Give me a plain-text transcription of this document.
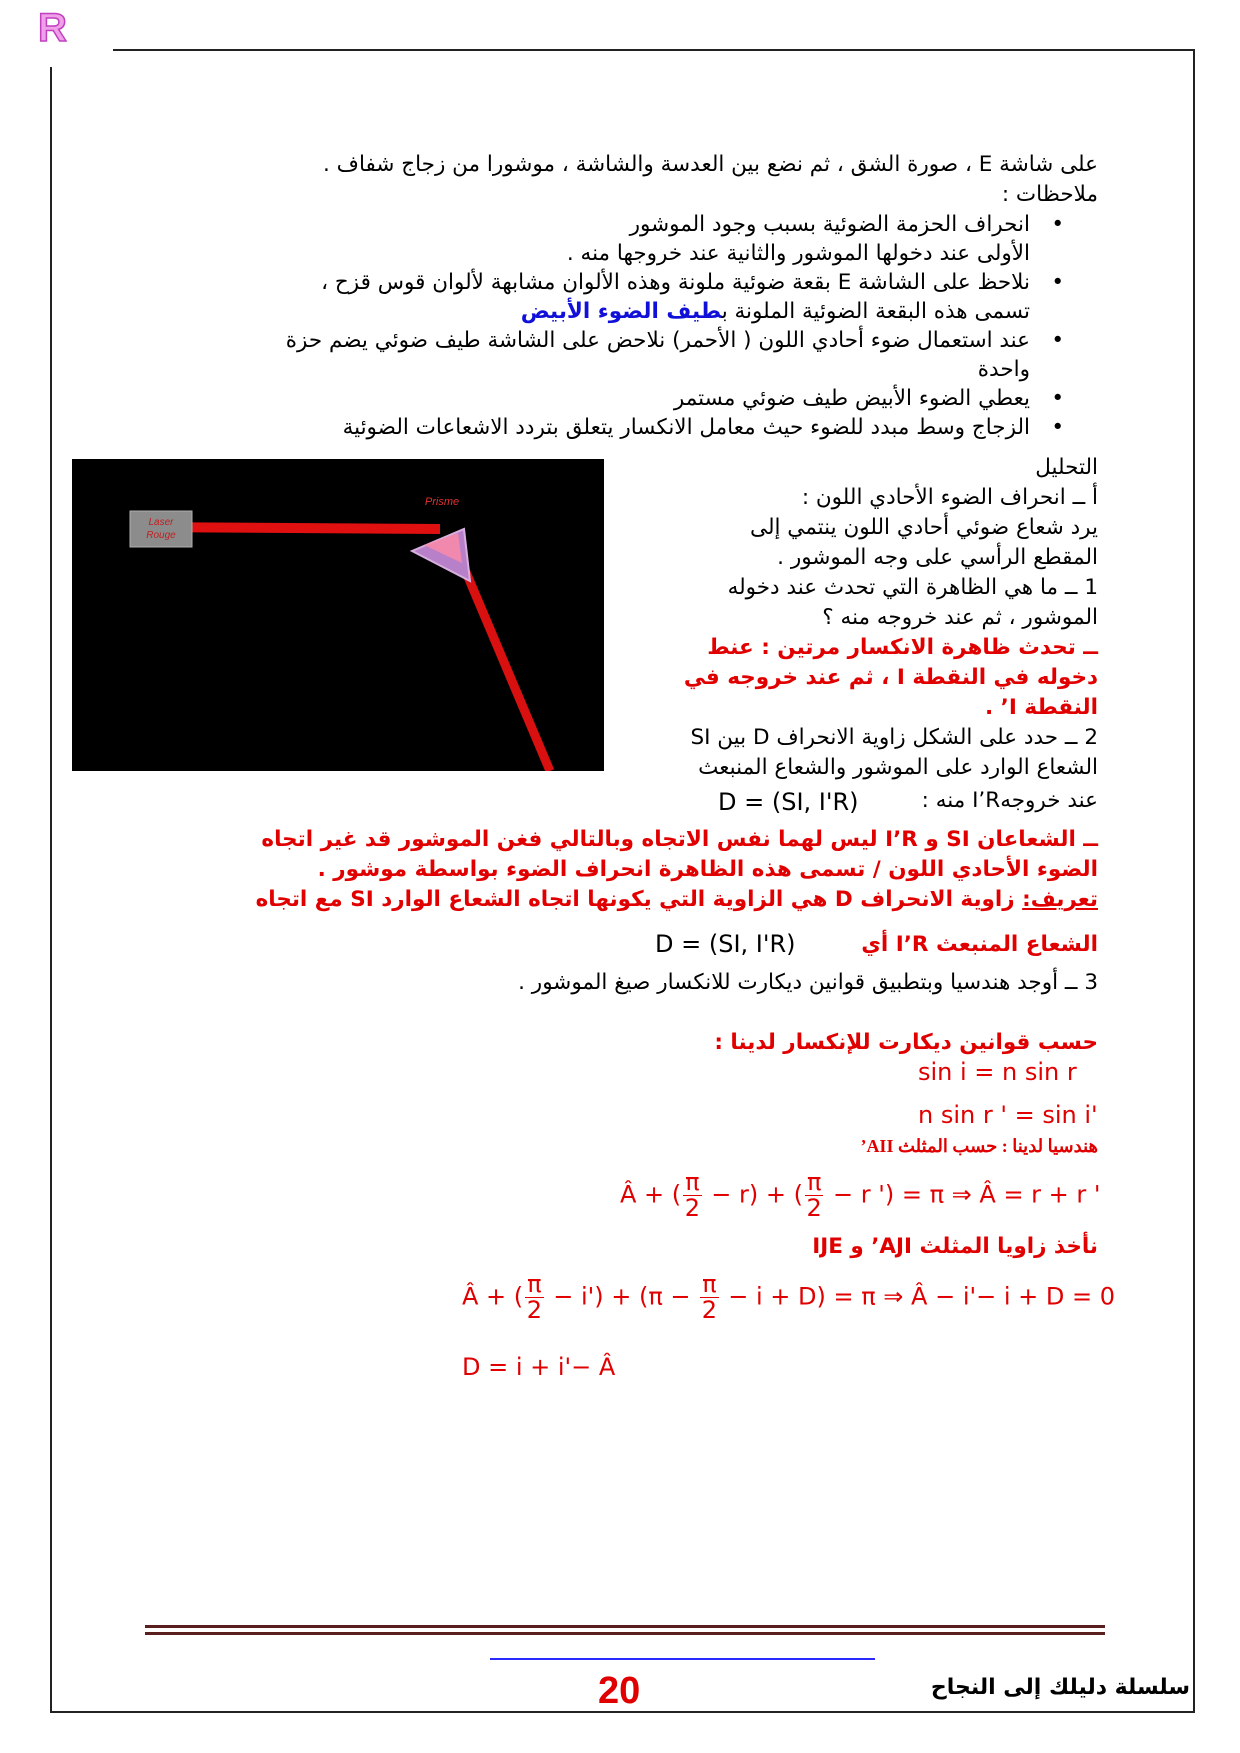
R
على شاشة E ، صورة الشق ، ثم نضع بين العدسة والشاشة ، موشورا من زجاج شفاف .
ملاحظات :
•
انحراف الحزمة الضوئية بسبب وجود الموشور
الأولى عند دخولها الموشور والثانية عند خروجها منه .
•
نلاحظ على الشاشة E بقعة ضوئية ملونة وهذه الألوان مشابهة لألوان قوس قزح ،
تسمى هذه البقعة الضوئية الملونة بطيف الضوء الأبيض
•
عند استعمال ضوء أحادي اللون ( الأحمر) نلاحض على الشاشة طيف ضوئي يضم حزة
واحدة
•
يعطي الضوء الأبيض طيف ضوئي مستمر
•
الزجاج وسط مبدد للضوء حيث معامل الانكسار يتعلق بتردد الاشعاعات الضوئية
Laser
Rouge
Prisme
التحليل
أ ــ انحراف الضوء الأحادي اللون :
يرد شعاع ضوئي أحادي اللون ينتمي إلى
المقطع الرأسي على وجه الموشور .
1 ــ ما هي الظاهرة التي تحدث عند دخوله
الموشور ، ثم عند خروجه منه ؟
ــ تحدث ظاهرة الانكسار مرتين : عنط
دخوله في النقطة I ، ثم عند خروجه في
النقطة I’ .
2 ــ حدد على الشكل زاوية الانحراف D بين SI
الشعاع الوارد على الموشور والشعاع المنبعث
عند خروجهI’R منه :
D = (SI, I'R)
ــ الشعاعان SI و I’R ليس لهما نفس الاتجاه وبالتالي فغن الموشور قد غير اتجاه
الضوء الأحادي اللون / تسمى هذه الظاهرة انحراف الضوء بواسطة موشور .
تعريف: زاوية الانحراف D هي الزاوية التي يكونها اتجاه الشعاع الوارد SI مع اتجاه
الشعاع المنبعث I’R أي
D = (SI, I'R)
3 ــ أوجد هندسيا وبتطبيق قوانين ديكارت للانكسار صيغ الموشور .
حسب قوانين ديكارت للإنكسار لدينا :
sin i = n sin r
n sin r ' = sin i'
هندسيا لدينا : حسب المثلث AII’
Â + ( $\frac{\pi}{2} - r$) + ( $\frac{\pi}{2} - r$ ') = π ⇒ Â = r + r '
نأخذ زاويا المثلث AJI’ و IJE
Â + ( $\frac{\pi}{2} - i') + (\pi - \frac{\pi}{2} - i + D) = \pi$ ⇒ Â − i'− i + D = 0
D = i + i'− Â
20	سلسلة دليلك إلى النجاح
